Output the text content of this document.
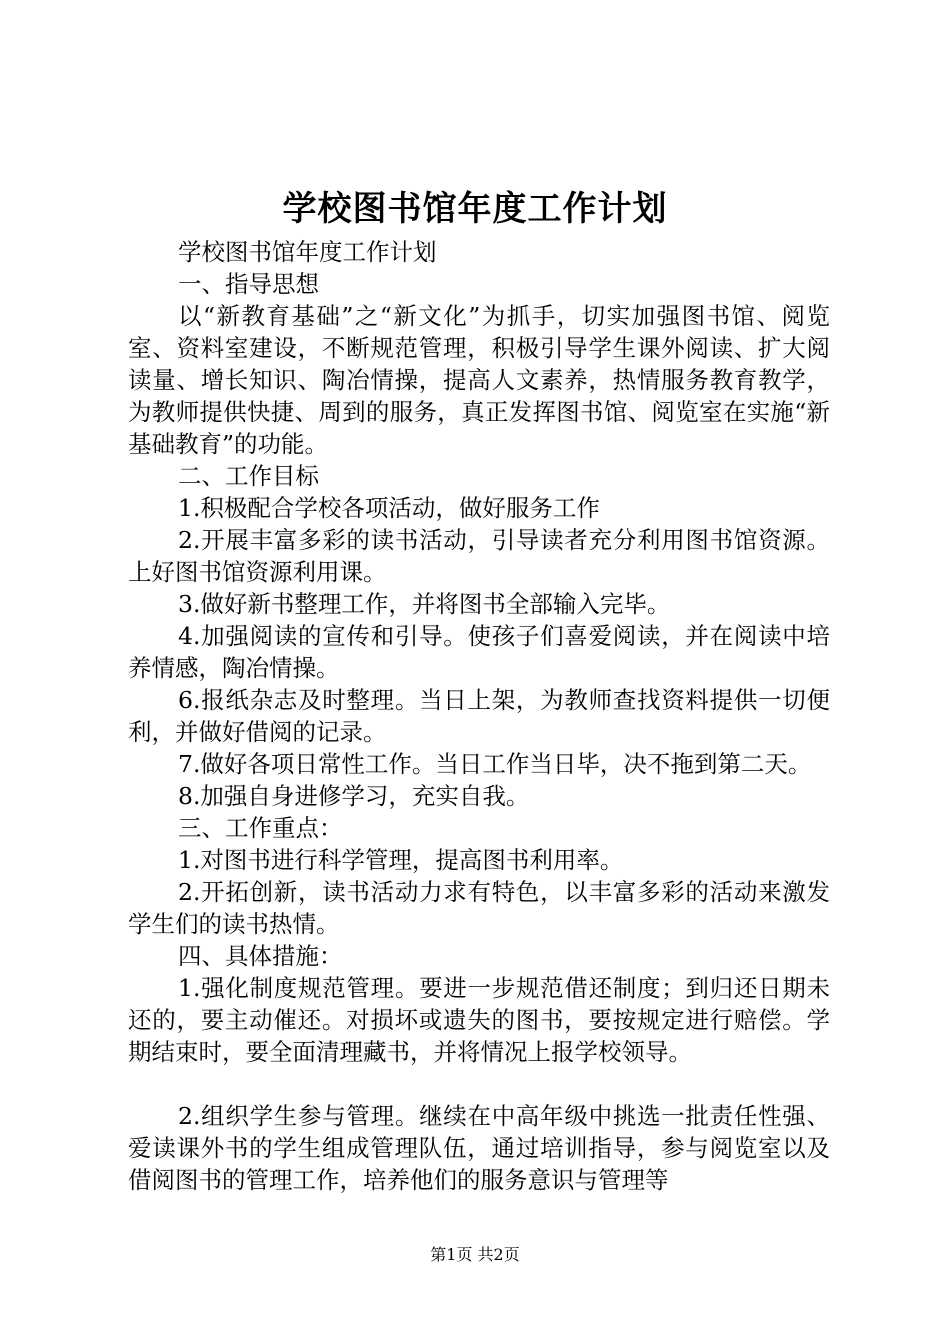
学校图书馆年度工作计划

学校图书馆年度工作计划

一、指导思想

以“新教育基础”之“新文化”为抓手，切实加强图书馆、阅览室、资料室建设，不断规范管理，积极引导学生课外阅读、扩大阅读量、增长知识、陶冶情操，提高人文素养，热情服务教育教学，为教师提供快捷、周到的服务，真正发挥图书馆、阅览室在实施“新基础教育”的功能。

二、工作目标

1.积极配合学校各项活动，做好服务工作

2.开展丰富多彩的读书活动，引导读者充分利用图书馆资源。上好图书馆资源利用课。

3.做好新书整理工作，并将图书全部输入完毕。

4.加强阅读的宣传和引导。使孩子们喜爱阅读，并在阅读中培养情感，陶冶情操。

6.报纸杂志及时整理。当日上架，为教师查找资料提供一切便利，并做好借阅的记录。

7.做好各项日常性工作。当日工作当日毕，决不拖到第二天。

8.加强自身进修学习，充实自我。

三、工作重点：

1.对图书进行科学管理，提高图书利用率。

2.开拓创新，读书活动力求有特色，以丰富多彩的活动来激发学生们的读书热情。

四、具体措施：

1.强化制度规范管理。要进一步规范借还制度；到归还日期未还的，要主动催还。对损坏或遗失的图书，要按规定进行赔偿。学期结束时，要全面清理藏书，并将情况上报学校领导。

2.组织学生参与管理。继续在中高年级中挑选一批责任性强、爱读课外书的学生组成管理队伍，通过培训指导，参与阅览室以及借阅图书的管理工作，培养他们的服务意识与管理等

第1页 共2页
